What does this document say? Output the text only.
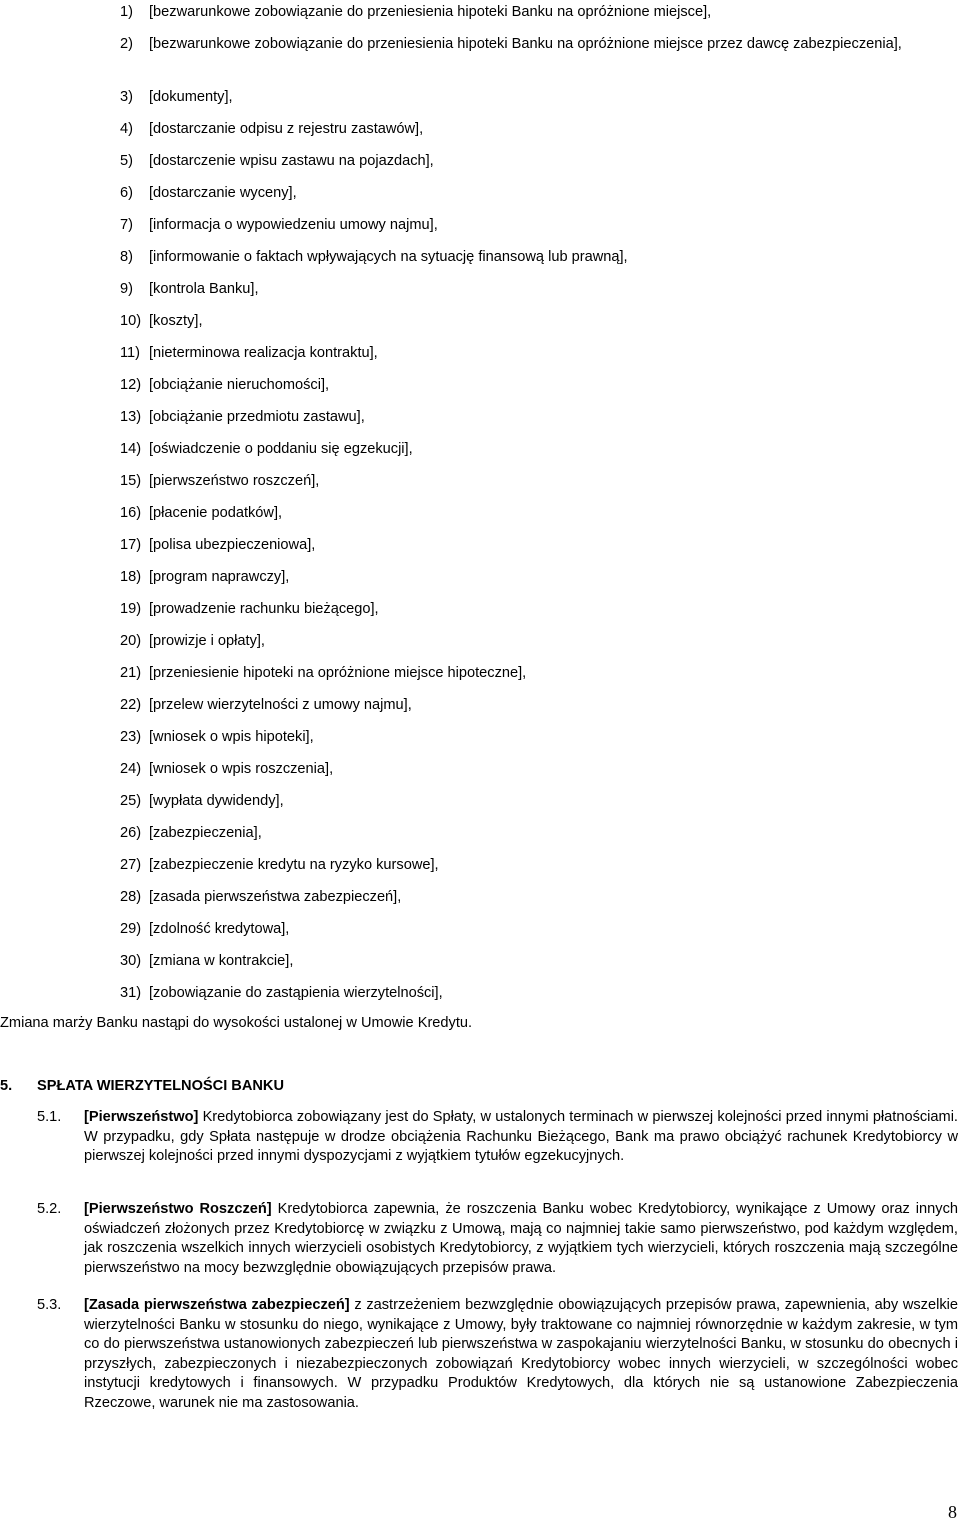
1)	[bezwarunkowe zobowiązanie do przeniesienia hipoteki Banku na opróżnione miejsce],
2)	[bezwarunkowe zobowiązanie do przeniesienia hipoteki Banku na opróżnione miejsce przez dawcę zabezpieczenia],
3)	[dokumenty],
4)	[dostarczanie odpisu z rejestru zastawów],
5)	[dostarczenie wpisu zastawu na pojazdach],
6)	[dostarczanie wyceny],
7)	[informacja o wypowiedzeniu umowy najmu],
8)	[informowanie o faktach wpływających na sytuację finansową lub prawną],
9)	[kontrola Banku],
10) [koszty],
11) [nieterminowa realizacja kontraktu],
12) [obciążanie nieruchomości],
13) [obciążanie przedmiotu zastawu],
14) [oświadczenie o poddaniu się egzekucji],
15) [pierwszeństwo roszczeń],
16) [płacenie podatków],
17) [polisa ubezpieczeniowa],
18) [program naprawczy],
19) [prowadzenie rachunku bieżącego],
20) [prowizje i opłaty],
21) [przeniesienie hipoteki na opróżnione miejsce hipoteczne],
22) [przelew wierzytelności z umowy najmu],
23) [wniosek o wpis hipoteki],
24) [wniosek o wpis roszczenia],
25) [wypłata dywidendy],
26) [zabezpieczenia],
27) [zabezpieczenie kredytu na ryzyko kursowe],
28) [zasada pierwszeństwa zabezpieczeń],
29) [zdolność kredytowa],
30) [zmiana w kontrakcie],
31) [zobowiązanie do zastąpienia wierzytelności],
Zmiana marży Banku nastąpi do wysokości ustalonej w Umowie Kredytu.
5. SPŁATA WIERZYTELNOŚCI BANKU
5.1. [Pierwszeństwo] Kredytobiorca zobowiązany jest do Spłaty, w ustalonych terminach w pierwszej kolejności przed innymi płatnościami. W przypadku, gdy Spłata następuje w drodze obciążenia Rachunku Bieżącego, Bank ma prawo obciążyć rachunek Kredytobiorcy w pierwszej kolejności przed innymi dyspozycjami z wyjątkiem tytułów egzekucyjnych.
5.2. [Pierwszeństwo Roszczeń] Kredytobiorca zapewnia, że roszczenia Banku wobec Kredytobiorcy, wynikające z Umowy oraz innych oświadczeń złożonych przez Kredytobiorcę w związku z Umową, mają co najmniej takie samo pierwszeństwo, pod każdym względem, jak roszczenia wszelkich innych wierzycieli osobistych Kredytobiorcy, z wyjątkiem tych wierzycieli, których roszczenia mają szczególne pierwszeństwo na mocy bezwzględnie obowiązujących przepisów prawa.
5.3. [Zasada pierwszeństwa zabezpieczeń] z zastrzeżeniem bezwzględnie obowiązujących przepisów prawa, zapewnienia, aby wszelkie wierzytelności Banku w stosunku do niego, wynikające z Umowy, były traktowane co najmniej równorzędnie w każdym zakresie, w tym co do pierwszeństwa ustanowionych zabezpieczeń lub pierwszeństwa w zaspokajaniu wierzytelności Banku, w stosunku do obecnych i przyszłych, zabezpieczonych i niezabezpieczonych zobowiązań Kredytobiorcy wobec innych wierzycieli, w szczególności wobec instytucji kredytowych i finansowych. W przypadku Produktów Kredytowych, dla których nie są ustanowione Zabezpieczenia Rzeczowe, warunek nie ma zastosowania.
8
